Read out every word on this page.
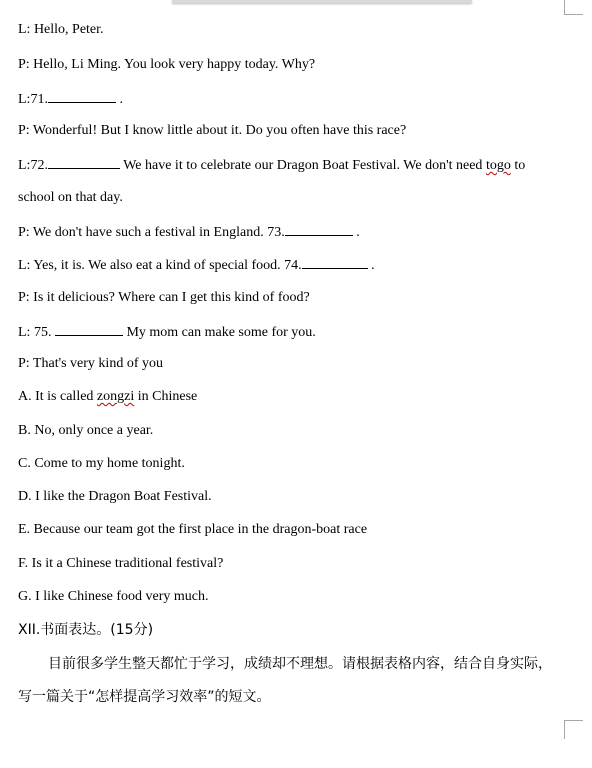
L: Hello, Peter.
P: Hello, Li Ming. You look very happy today. Why?
L:71.	.
P: Wonderful! But I know little about it. Do you often have this race?
L:72.	We have it to celebrate our Dragon Boat Festival. We don't need togo to
school on that day.
P: We don't have such a festival in England. 73.	.
L: Yes, it is. We also eat a kind of special food. 74.	.
P: Is it delicious? Where can I get this kind of food?
L: 75.	My mom can make some for you.
P: That's very kind of you
A. It is called zongzi in Chinese
B. No, only once a year.
C. Come to my home tonight.
D. I like the Dragon Boat Festival.
E. Because our team got the first place in the dragon-boat race
F. Is it a Chinese traditional festival?
G. I like Chinese food very much.
XII.书面表达。(15分)
目前很多学生整天都忙于学习，成绩却不理想。请根据表格内容，结合自身实际，
写一篇关于“怎样提高学习效率”的短文。
